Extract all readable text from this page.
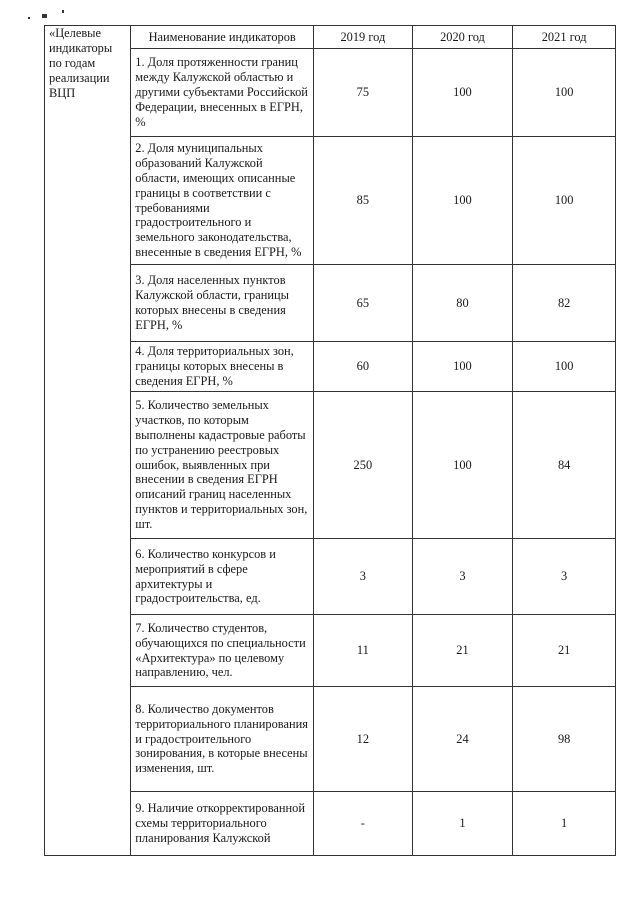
«Целевые индикаторы по годам реализации ВЦП	Наименование индикаторов	2019 год	2020 год	2021 год
	1. Доля протяженности границ между Калужской областью и другими субъектами Российской Федерации, внесенных в ЕГРН, %	75	100	100
	2. Доля муниципальных образований Калужской области, имеющих описанные границы в соответствии с требованиями градостроительного и земельного законодательства, внесенные в сведения ЕГРН, %	85	100	100
	3. Доля населенных пунктов Калужской области, границы которых внесены в сведения ЕГРН, %	65	80	82
	4. Доля территориальных зон, границы которых внесены в сведения ЕГРН, %	60	100	100
	5. Количество земельных участков, по которым выполнены кадастровые работы по устранению реестровых ошибок, выявленных при внесении в сведения ЕГРН описаний границ населенных пунктов и территориальных зон, шт.	250	100	84
	6. Количество конкурсов и мероприятий в сфере архитектуры и градостроительства, ед.	3	3	3
	7. Количество студентов, обучающихся по специальности «Архитектура» по целевому направлению, чел.	11	21	21
	8. Количество документов территориального планирования и градостроительного зонирования, в которые внесены изменения, шт.	12	24	98
	9. Наличие откорректированной схемы территориального планирования Калужской	-	1	1
